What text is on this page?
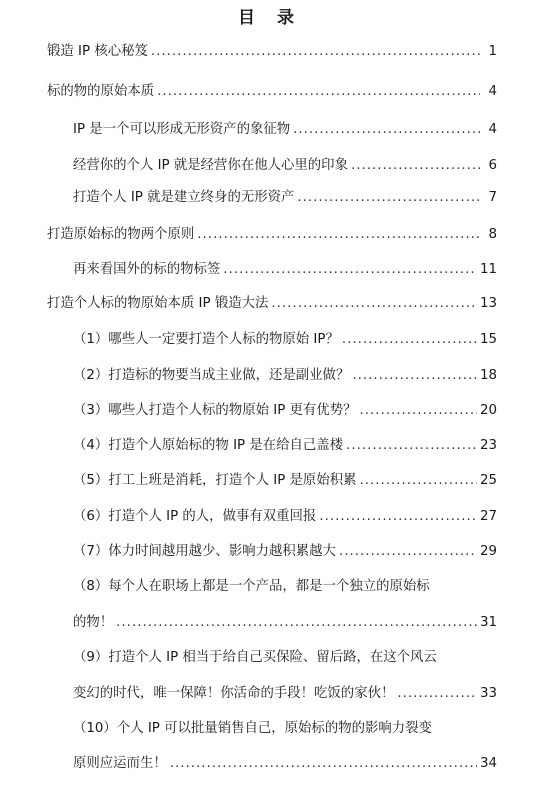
目 录
锻造 IP 核心秘笈 .....	1
标的物的原始本质 .....	4
IP 是一个可以形成无形资产的象征物 .....	4
经营你的个人 IP 就是经营你在他人心里的印象 .....	6
打造个人 IP 就是建立终身的无形资产 .....	7
打造原始标的物两个原则 .....	8
再来看国外的标的物标签 .....	11
打造个人标的物原始本质 IP 锻造大法 .....	13
（1）哪些人一定要打造个人标的物原始 IP？ .....	15
（2）打造标的物要当成主业做，还是副业做？ .....	18
（3）哪些人打造个人标的物原始 IP 更有优势？ .....	20
（4）打造个人原始标的物 IP 是在给自己盖楼 .....	23
（5）打工上班是消耗，打造个人 IP 是原始积累 .....	25
（6）打造个人 IP 的人，做事有双重回报 .....	27
（7）体力时间越用越少、影响力越积累越大 .....	29
（8）每个人在职场上都是一个产品，都是一个独立的原始标
的物！ .....	31
（9）打造个人 IP 相当于给自己买保险、留后路，在这个风云
变幻的时代，唯一保障！你活命的手段！吃饭的家伙！ .....	33
（10）个人 IP 可以批量销售自己，原始标的物的影响力裂变
原则应运而生！ .....	34
